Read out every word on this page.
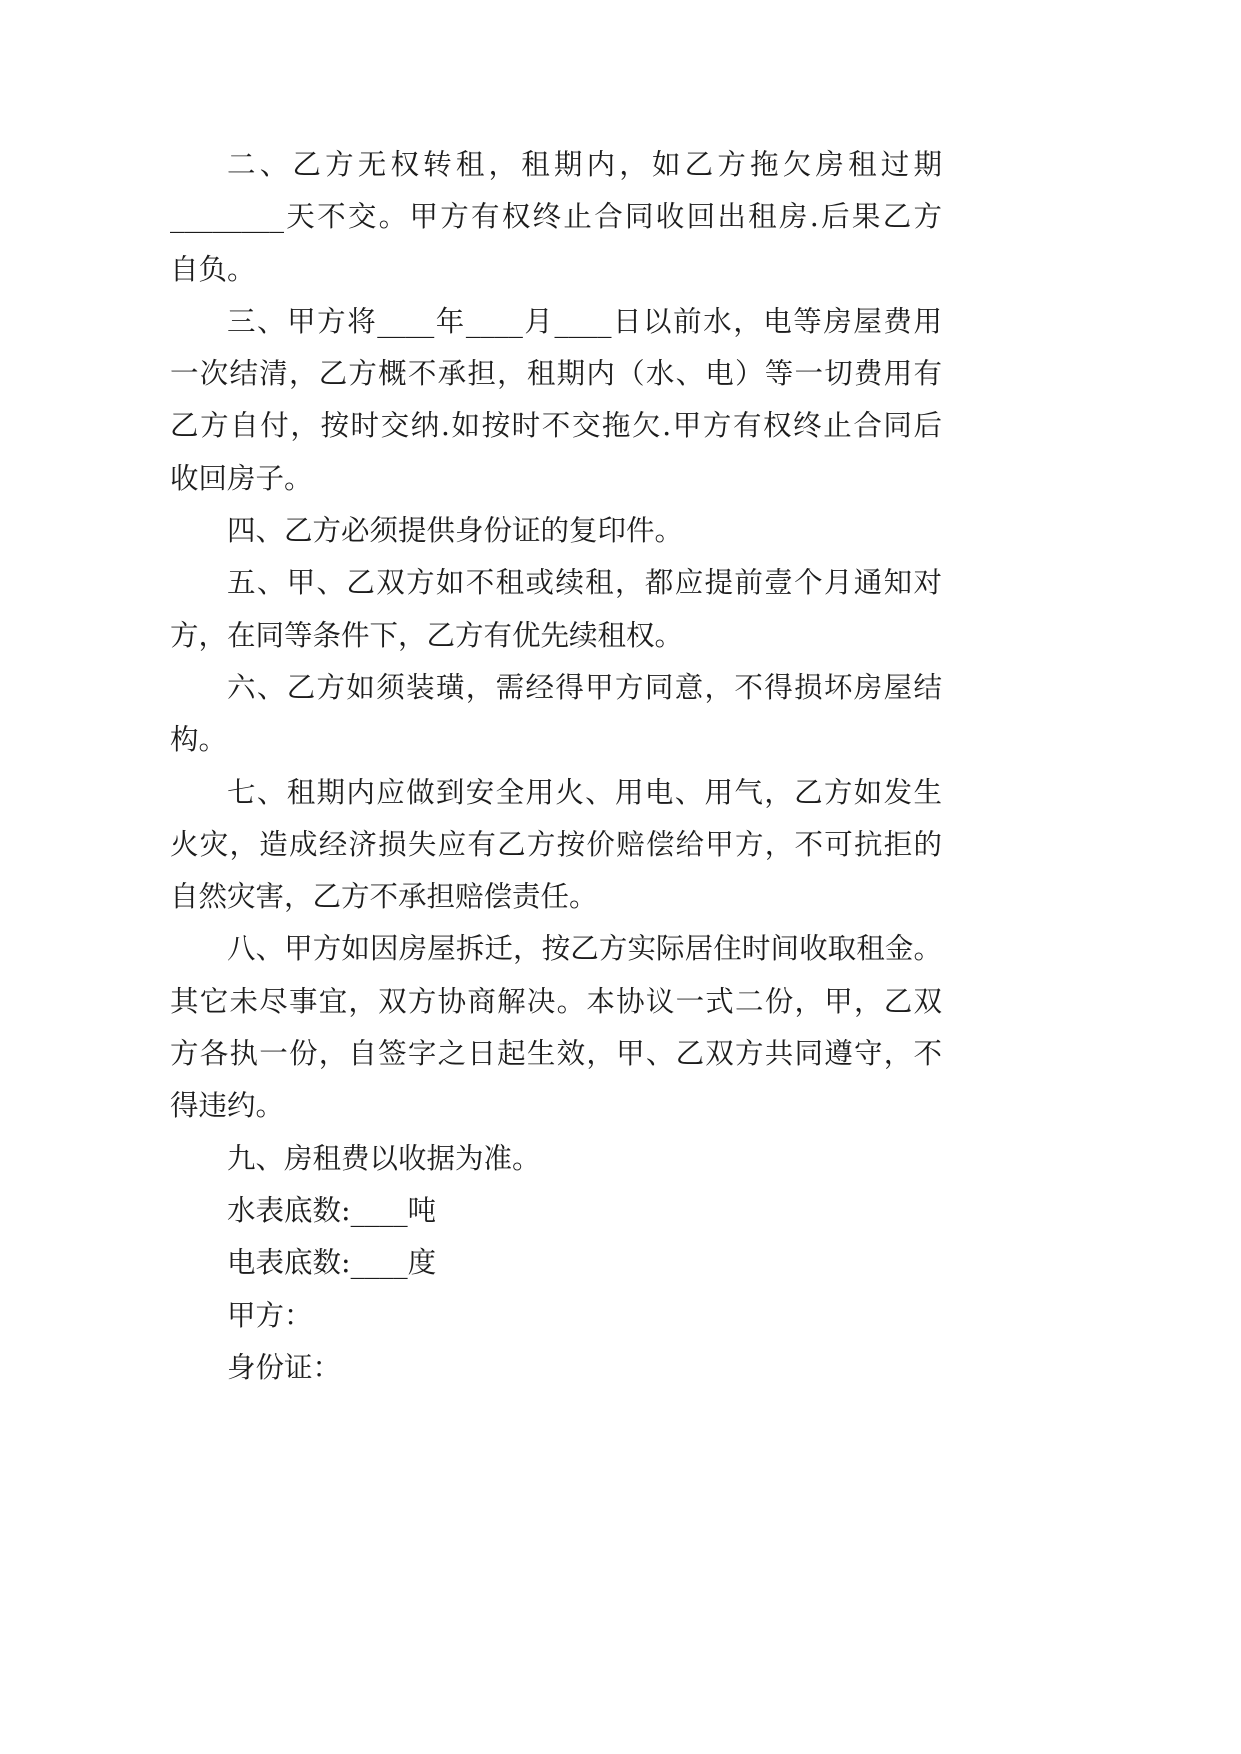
二、乙方无权转租，租期内，如乙方拖欠房租过期
________天不交。甲方有权终止合同收回出租房.后果乙方
自负。
三、甲方将____年____月____日以前水，电等房屋费用
一次结清，乙方概不承担，租期内（水、电）等一切费用有
乙方自付，按时交纳.如按时不交拖欠.甲方有权终止合同后
收回房子。
四、乙方必须提供身份证的复印件。
五、甲、乙双方如不租或续租，都应提前壹个月通知对
方，在同等条件下，乙方有优先续租权。
六、乙方如须装璜，需经得甲方同意，不得损坏房屋结
构。
七、租期内应做到安全用火、用电、用气，乙方如发生
火灾，造成经济损失应有乙方按价赔偿给甲方，不可抗拒的
自然灾害，乙方不承担赔偿责任。
八、甲方如因房屋拆迁，按乙方实际居住时间收取租金。
其它未尽事宜，双方协商解决。本协议一式二份，甲，乙双
方各执一份，自签字之日起生效，甲、乙双方共同遵守，不
得违约。
九、房租费以收据为准。
水表底数:____吨
电表底数:____度
甲方：
身份证：
